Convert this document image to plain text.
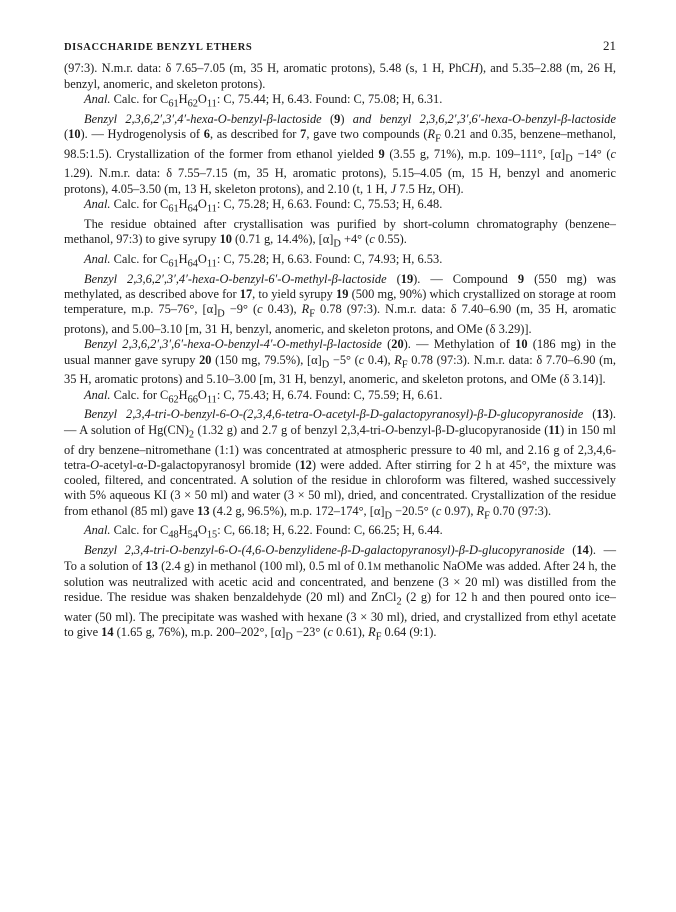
DISACCHARIDE BENZYL ETHERS	21

(97:3). N.m.r. data: δ 7.65–7.05 (m, 35 H, aromatic protons), 5.48 (s, 1 H, PhCH), and 5.35–2.88 (m, 26 H, benzyl, anomeric, and skeleton protons).

Anal. Calc. for $C_{61}H_{62}O_{11}$: C, 75.44; H, 6.43. Found: C, 75.08; H, 6.31.

Benzyl 2,3,6,2′,3′,4′-hexa-O-benzyl-β-lactoside (9) and benzyl 2,3,6,2′,3′,6′-hexa-O-benzyl-β-lactoside (10). — Hydrogenolysis of 6, as described for 7, gave two compounds ($R_F$ 0.21 and 0.35, benzene–methanol, 98.5:1.5). Crystallization of the former from ethanol yielded 9 (3.55 g, 71%), m.p. 109–111°, $[\alpha]_D -14^\circ$ (c 1.29). N.m.r. data: δ 7.55–7.15 (m, 35 H, aromatic protons), 5.15–4.05 (m, 15 H, benzyl and anomeric protons), 4.05–3.50 (m, 13 H, skeleton protons), and 2.10 (t, 1 H, J 7.5 Hz, OH).

Anal. Calc. for $C_{61}H_{64}O_{11}$: C, 75.28; H, 6.63. Found: C, 75.53; H, 6.48.

The residue obtained after crystallisation was purified by short-column chromatography (benzene–methanol, 97:3) to give syrupy 10 (0.71 g, 14.4%), $[\alpha]_D +4^\circ$ (c 0.55).

Anal. Calc. for $C_{61}H_{64}O_{11}$: C, 75.28; H, 6.63. Found: C, 74.93; H, 6.53.

Benzyl 2,3,6,2′,3′,4′-hexa-O-benzyl-6′-O-methyl-β-lactoside (19). — Compound 9 (550 mg) was methylated, as described above for 17, to yield syrupy 19 (500 mg, 90%) which crystallized on storage at room temperature, m.p. 75–76°, $[\alpha]_D -9^\circ$ (c 0.43), $R_F$ 0.78 (97:3). N.m.r. data: δ 7.40–6.90 (m, 35 H, aromatic protons), and 5.00–3.10 [m, 31 H, benzyl, anomeric, and skeleton protons, and OMe (δ 3.29)].

Benzyl 2,3,6,2′,3′,6′-hexa-O-benzyl-4′-O-methyl-β-lactoside (20). — Methylation of 10 (186 mg) in the usual manner gave syrupy 20 (150 mg, 79.5%), $[\alpha]_D -5^\circ$ (c 0.4), $R_F$ 0.78 (97:3). N.m.r. data: δ 7.70–6.90 (m, 35 H, aromatic protons) and 5.10–3.00 [m, 31 H, benzyl, anomeric, and skeleton protons, and OMe (δ 3.14)].

Anal. Calc. for $C_{62}H_{66}O_{11}$: C, 75.43; H, 6.74. Found: C, 75.59; H, 6.61.

Benzyl 2,3,4-tri-O-benzyl-6-O-(2,3,4,6-tetra-O-acetyl-β-D-galactopyranosyl)-β-D-glucopyranoside (13). — A solution of $Hg(CN)_2$ (1.32 g) and 2.7 g of benzyl 2,3,4-tri-O-benzyl-β-D-glucopyranoside (11) in 150 ml of dry benzene–nitromethane (1:1) was concentrated at atmospheric pressure to 40 ml, and 2.16 g of 2,3,4,6-tetra-O-acetyl-α-D-galactopyranosyl bromide (12) were added. After stirring for 2 h at 45°, the mixture was cooled, filtered, and concentrated. A solution of the residue in chloroform was filtered, washed successively with 5% aqueous KI (3 × 50 ml) and water (3 × 50 ml), dried, and concentrated. Crystallization of the residue from ethanol (85 ml) gave 13 (4.2 g, 96.5%), m.p. 172–174°, $[\alpha]_D -20.5^\circ$ (c 0.97), $R_F$ 0.70 (97:3).

Anal. Calc. for $C_{48}H_{54}O_{15}$: C, 66.18; H, 6.22. Found: C, 66.25; H, 6.44.

Benzyl 2,3,4-tri-O-benzyl-6-O-(4,6-O-benzylidene-β-D-galactopyranosyl)-β-D-glucopyranoside (14). — To a solution of 13 (2.4 g) in methanol (100 ml), 0.5 ml of 0.1M methanolic NaOMe was added. After 24 h, the solution was neutralized with acetic acid and concentrated, and benzene (3 × 20 ml) was distilled from the residue. The residue was shaken benzaldehyde (20 ml) and ZnCl$_2$ (2 g) for 12 h and then poured onto ice–water (50 ml). The precipitate was washed with hexane (3 × 30 ml), dried, and crystallized from ethyl acetate to give 14 (1.65 g, 76%), m.p. 200–202°, $[\alpha]_D -23^\circ$ (c 0.61), $R_F$ 0.64 (9:1).
